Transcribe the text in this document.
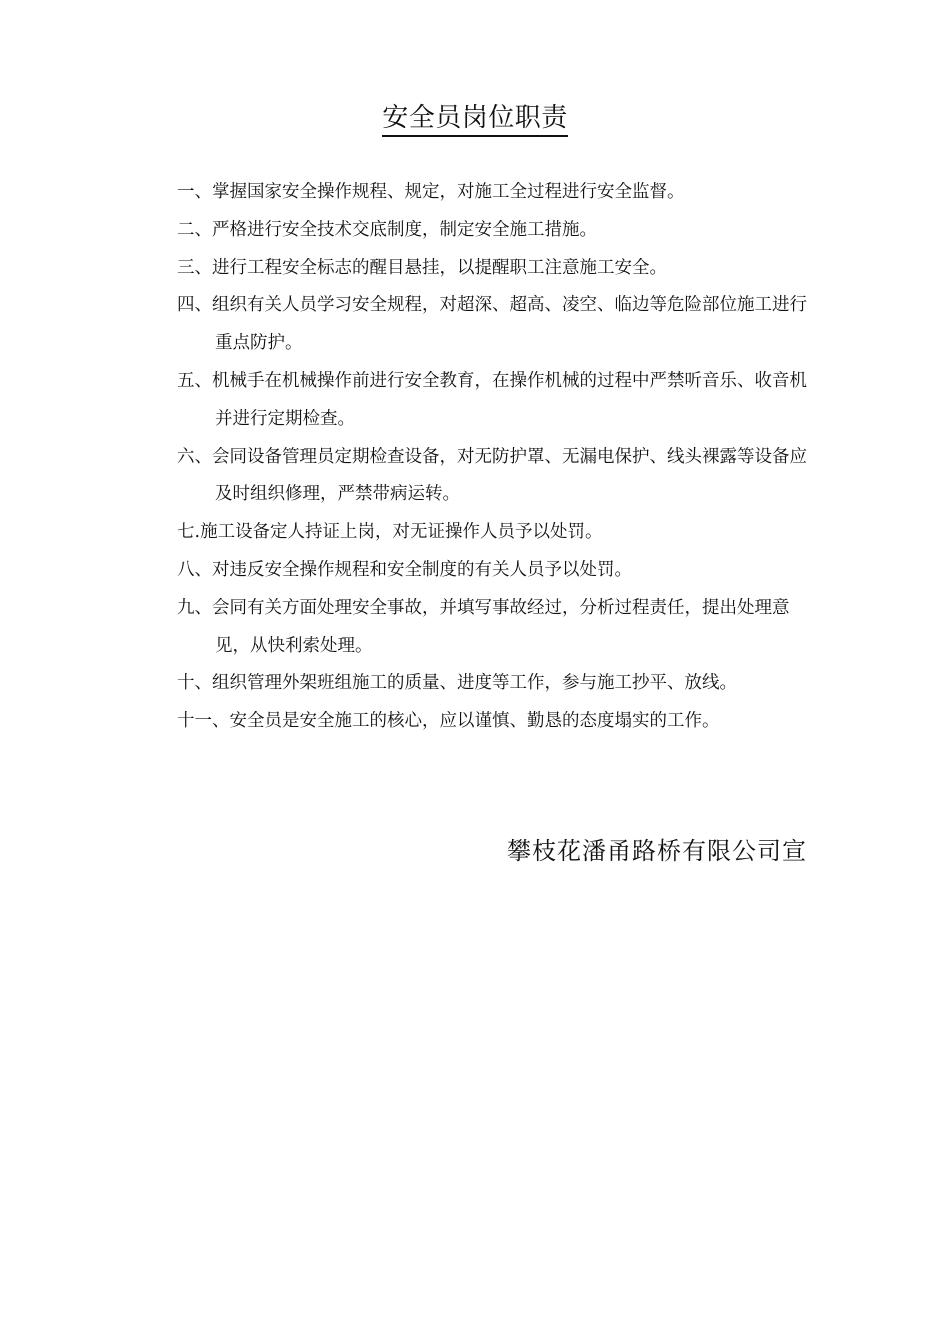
安全员岗位职责
一、掌握国家安全操作规程、规定，对施工全过程进行安全监督。
二、严格进行安全技术交底制度，制定安全施工措施。
三、进行工程安全标志的醒目悬挂，以提醒职工注意施工安全。
四、组织有关人员学习安全规程，对超深、超高、凌空、临边等危险部位施工进行重点防护。
五、机械手在机械操作前进行安全教育，在操作机械的过程中严禁听音乐、收音机并进行定期检查。
六、会同设备管理员定期检查设备，对无防护罩、无漏电保护、线头裸露等设备应及时组织修理，严禁带病运转。
七.施工设备定人持证上岗，对无证操作人员予以处罚。
八、对违反安全操作规程和安全制度的有关人员予以处罚。
九、会同有关方面处理安全事故，并填写事故经过，分析过程责任，提出处理意见，从快利索处理。
十、组织管理外架班组施工的质量、进度等工作，参与施工抄平、放线。
十一、安全员是安全施工的核心，应以谨慎、勤恳的态度塌实的工作。
攀枝花潘甬路桥有限公司宣
